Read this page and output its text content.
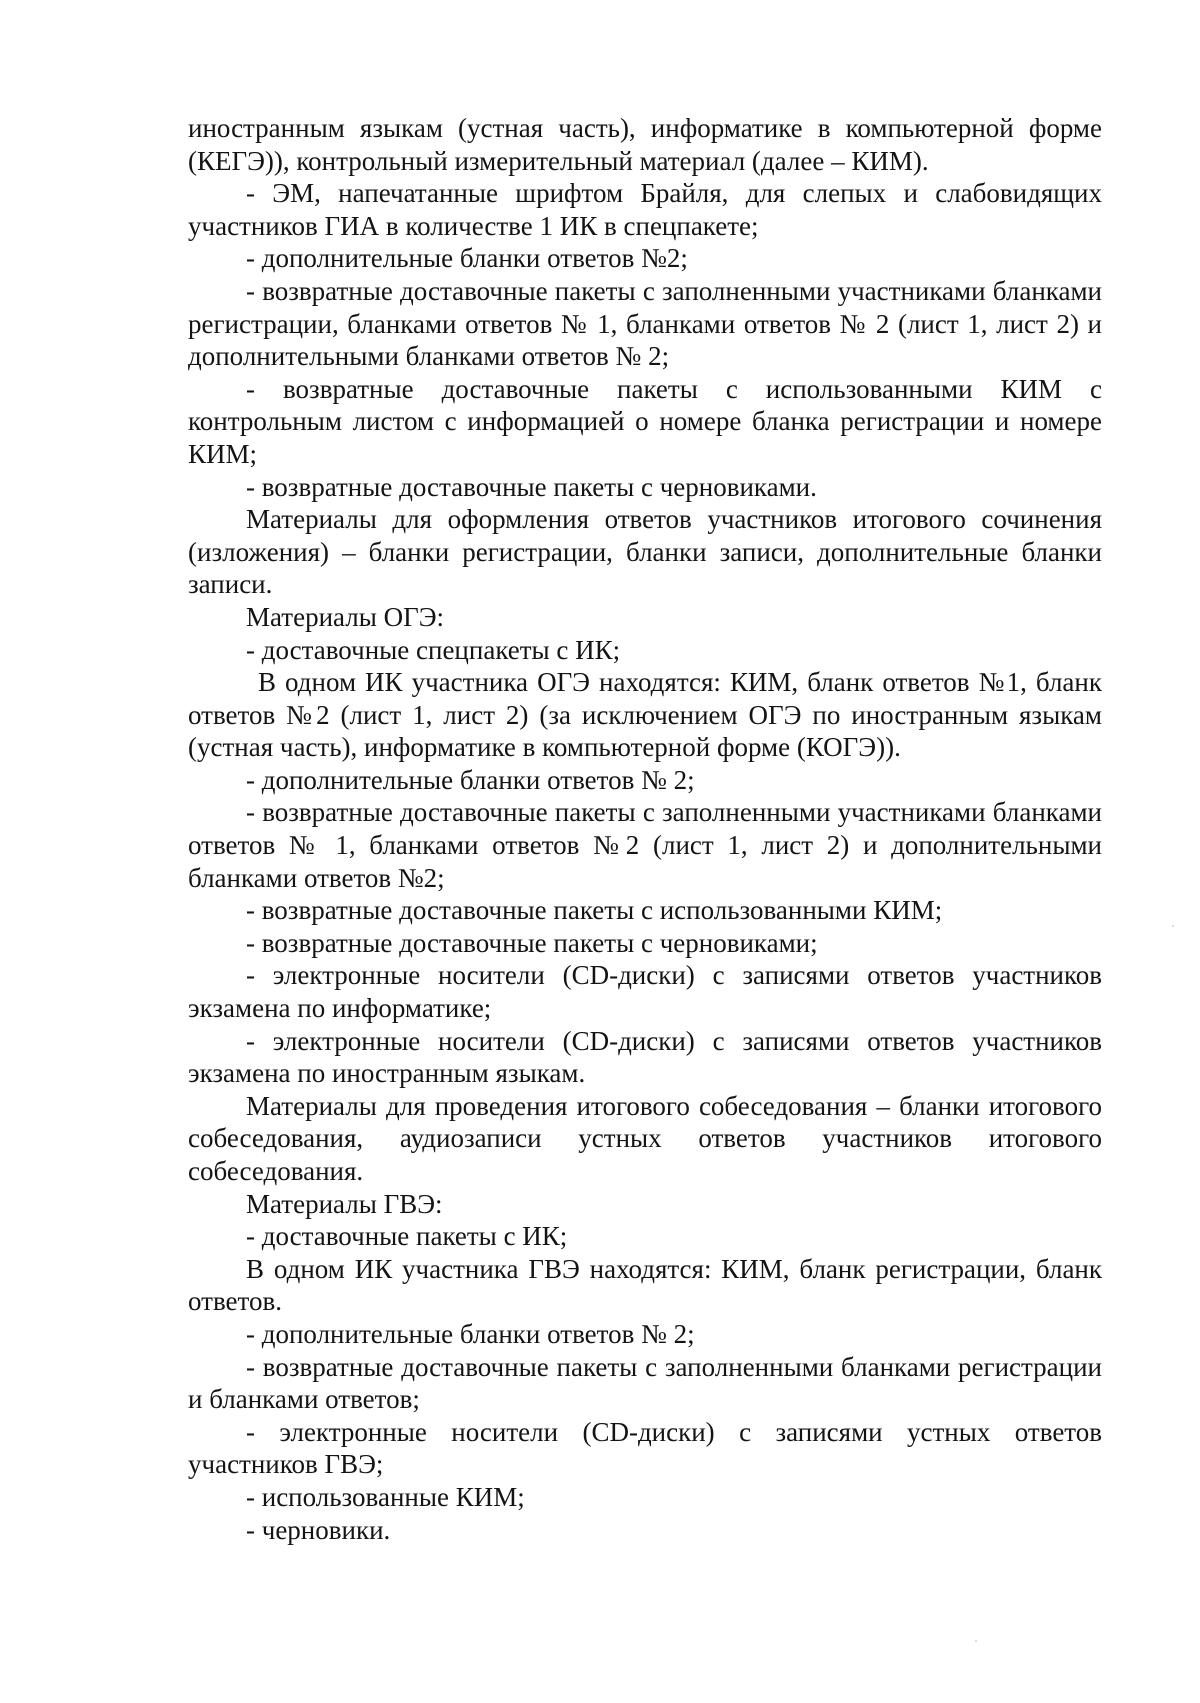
иностранным языкам (устная часть), информатике в компьютерной форме (КЕГЭ)), контрольный измерительный материал (далее – КИМ).

- ЭМ, напечатанные шрифтом Брайля, для слепых и слабовидящих участников ГИА в количестве 1 ИК в спецпакете;

- дополнительные бланки ответов №2;

- возвратные доставочные пакеты с заполненными участниками бланками регистрации, бланками ответов № 1, бланками ответов № 2 (лист 1, лист 2) и дополнительными бланками ответов № 2;

- возвратные доставочные пакеты с использованными КИМ с контрольным листом с информацией о номере бланка регистрации и номере КИМ;

- возвратные доставочные пакеты с черновиками.

Материалы для оформления ответов участников итогового сочинения (изложения) – бланки регистрации, бланки записи, дополнительные бланки записи.

Материалы ОГЭ:

- доставочные спецпакеты с ИК;

В одном ИК участника ОГЭ находятся: КИМ, бланк ответов №1, бланк ответов №2 (лист 1, лист 2) (за исключением ОГЭ по иностранным языкам (устная часть), информатике в компьютерной форме (КОГЭ)).

- дополнительные бланки ответов № 2;

- возвратные доставочные пакеты с заполненными участниками бланками ответов № 1, бланками ответов №2 (лист 1, лист 2) и дополнительными бланками ответов №2;

- возвратные доставочные пакеты с использованными КИМ;

- возвратные доставочные пакеты с черновиками;

- электронные носители (CD-диски) с записями ответов участников экзамена по информатике;

- электронные носители (CD-диски) с записями ответов участников экзамена по иностранным языкам.

Материалы для проведения итогового собеседования – бланки итогового собеседования, аудиозаписи устных ответов участников итогового собеседования.

Материалы ГВЭ:

- доставочные пакеты с ИК;

В одном ИК участника ГВЭ находятся: КИМ, бланк регистрации, бланк ответов.

- дополнительные бланки ответов № 2;

- возвратные доставочные пакеты с заполненными бланками регистрации и бланками ответов;

- электронные носители (CD-диски) с записями устных ответов участников ГВЭ;

- использованные КИМ;

- черновики.
